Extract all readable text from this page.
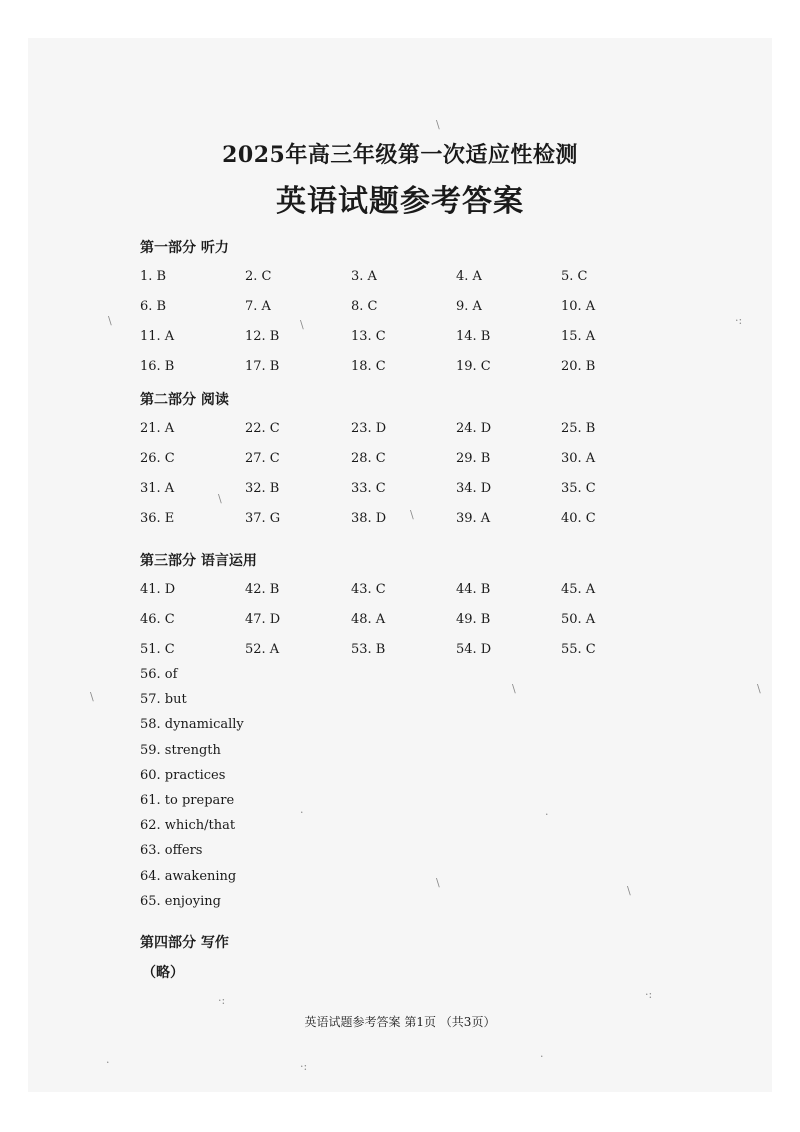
2025年高三年级第一次适应性检测
英语试题参考答案
第一部分 听力
1. B	2. C	3. A	4. A	5. C
6. B	7. A	8. C	9. A	10. A
11. A	12. B	13. C	14. B	15. A
16. B	17. B	18. C	19. C	20. B
第二部分 阅读
21. A	22. C	23. D	24. D	25. B
26. C	27. C	28. C	29. B	30. A
31. A	32. B	33. C	34. D	35. C
36. E	37. G	38. D	39. A	40. C
第三部分 语言运用
41. D	42. B	43. C	44. B	45. A
46. C	47. D	48. A	49. B	50. A
51. C	52. A	53. B	54. D	55. C
56. of
57. but
58. dynamically
59. strength
60. practices
61. to prepare
62. which/that
63. offers
64. awakening
65. enjoying
第四部分 写作
（略）
英语试题参考答案 第1页 （共3页）
\
\	\	·:
\
\
\
\	\
·	·
\
\
·:	·:
·	·:
·
